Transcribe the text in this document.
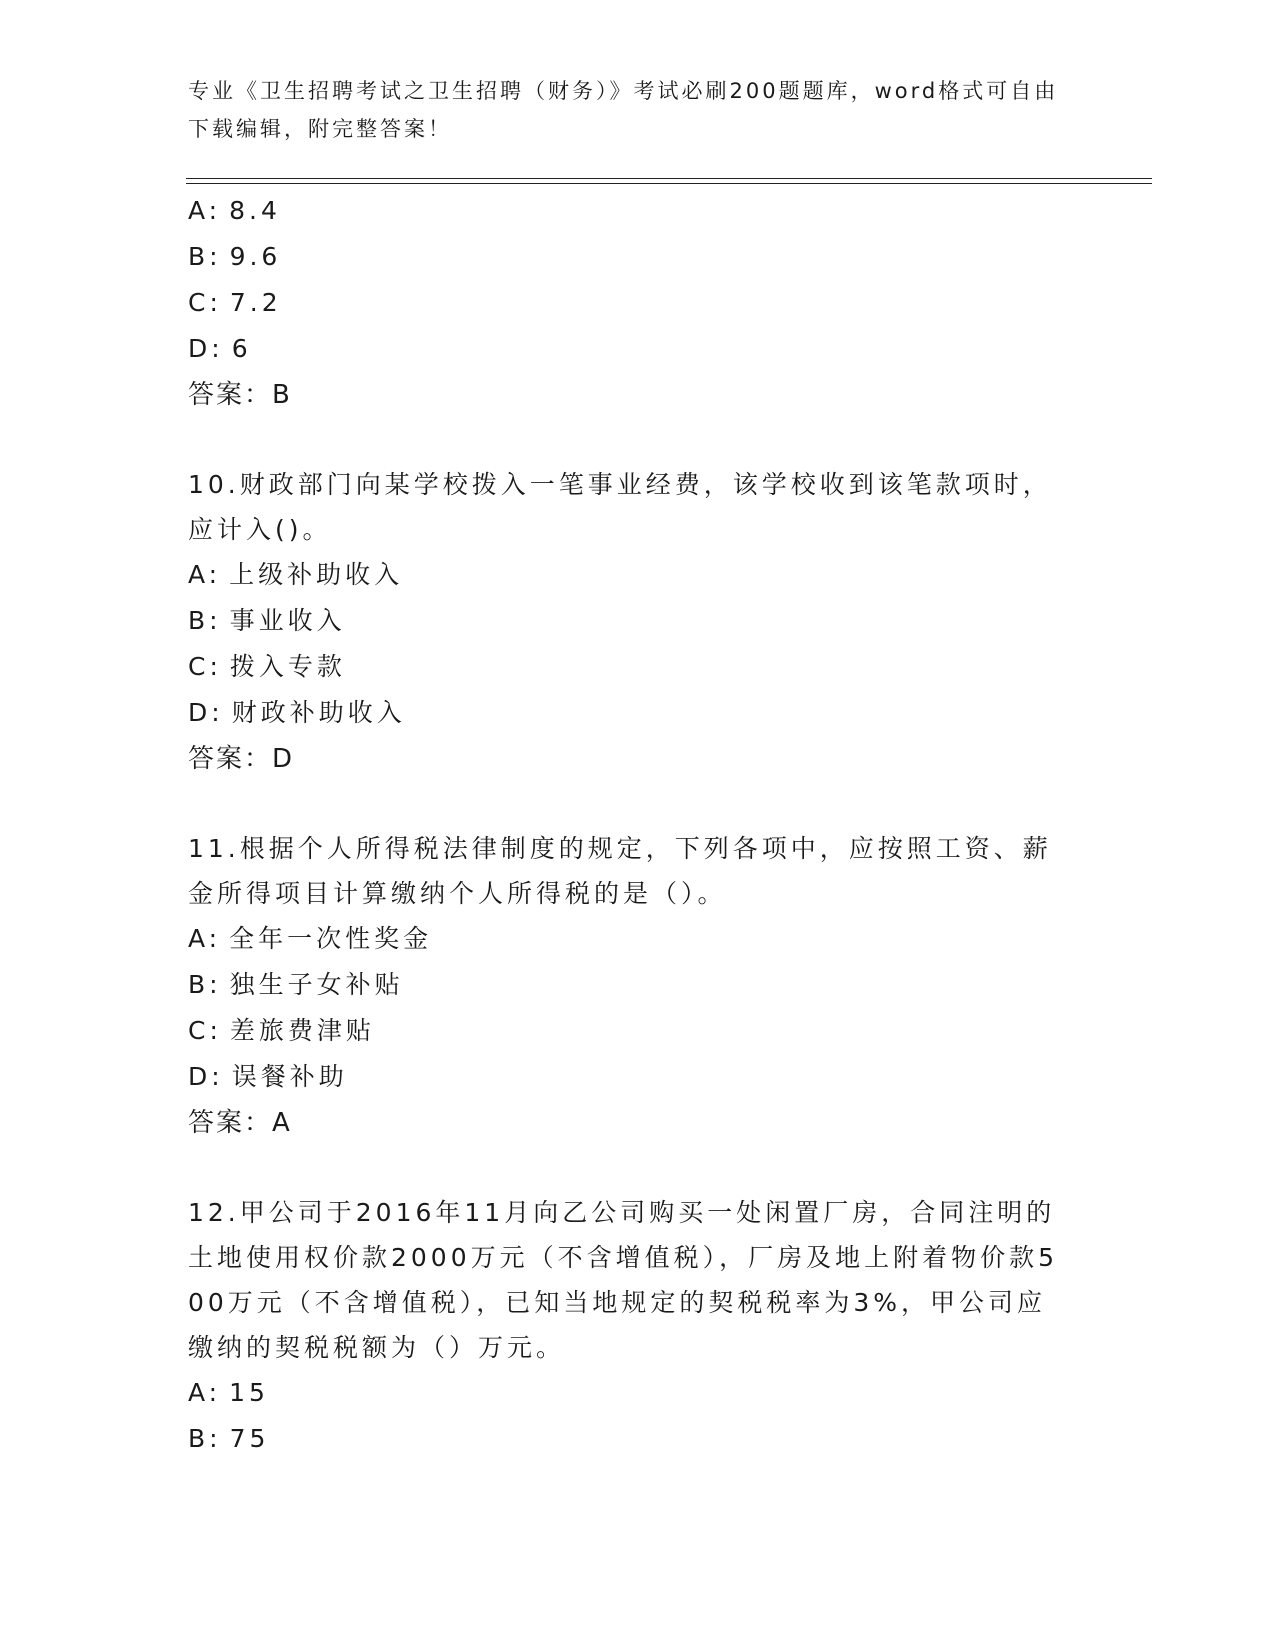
专业《卫生招聘考试之卫生招聘（财务）》考试必刷200题题库，word格式可自由下载编辑，附完整答案！
A: 8.4
B: 9.6
C: 7.2
D: 6
答案：B
10.财政部门向某学校拨入一笔事业经费，该学校收到该笔款项时，应计入()。
A: 上级补助收入
B: 事业收入
C: 拨入专款
D: 财政补助收入
答案：D
11.根据个人所得税法律制度的规定，下列各项中，应按照工资、薪金所得项目计算缴纳个人所得税的是（）。
A: 全年一次性奖金
B: 独生子女补贴
C: 差旅费津贴
D: 误餐补助
答案：A
12.甲公司于2016年11月向乙公司购买一处闲置厂房，合同注明的土地使用权价款2000万元（不含增值税），厂房及地上附着物价款500万元（不含增值税），已知当地规定的契税税率为3%，甲公司应缴纳的契税税额为（）万元。
A: 15
B: 75
